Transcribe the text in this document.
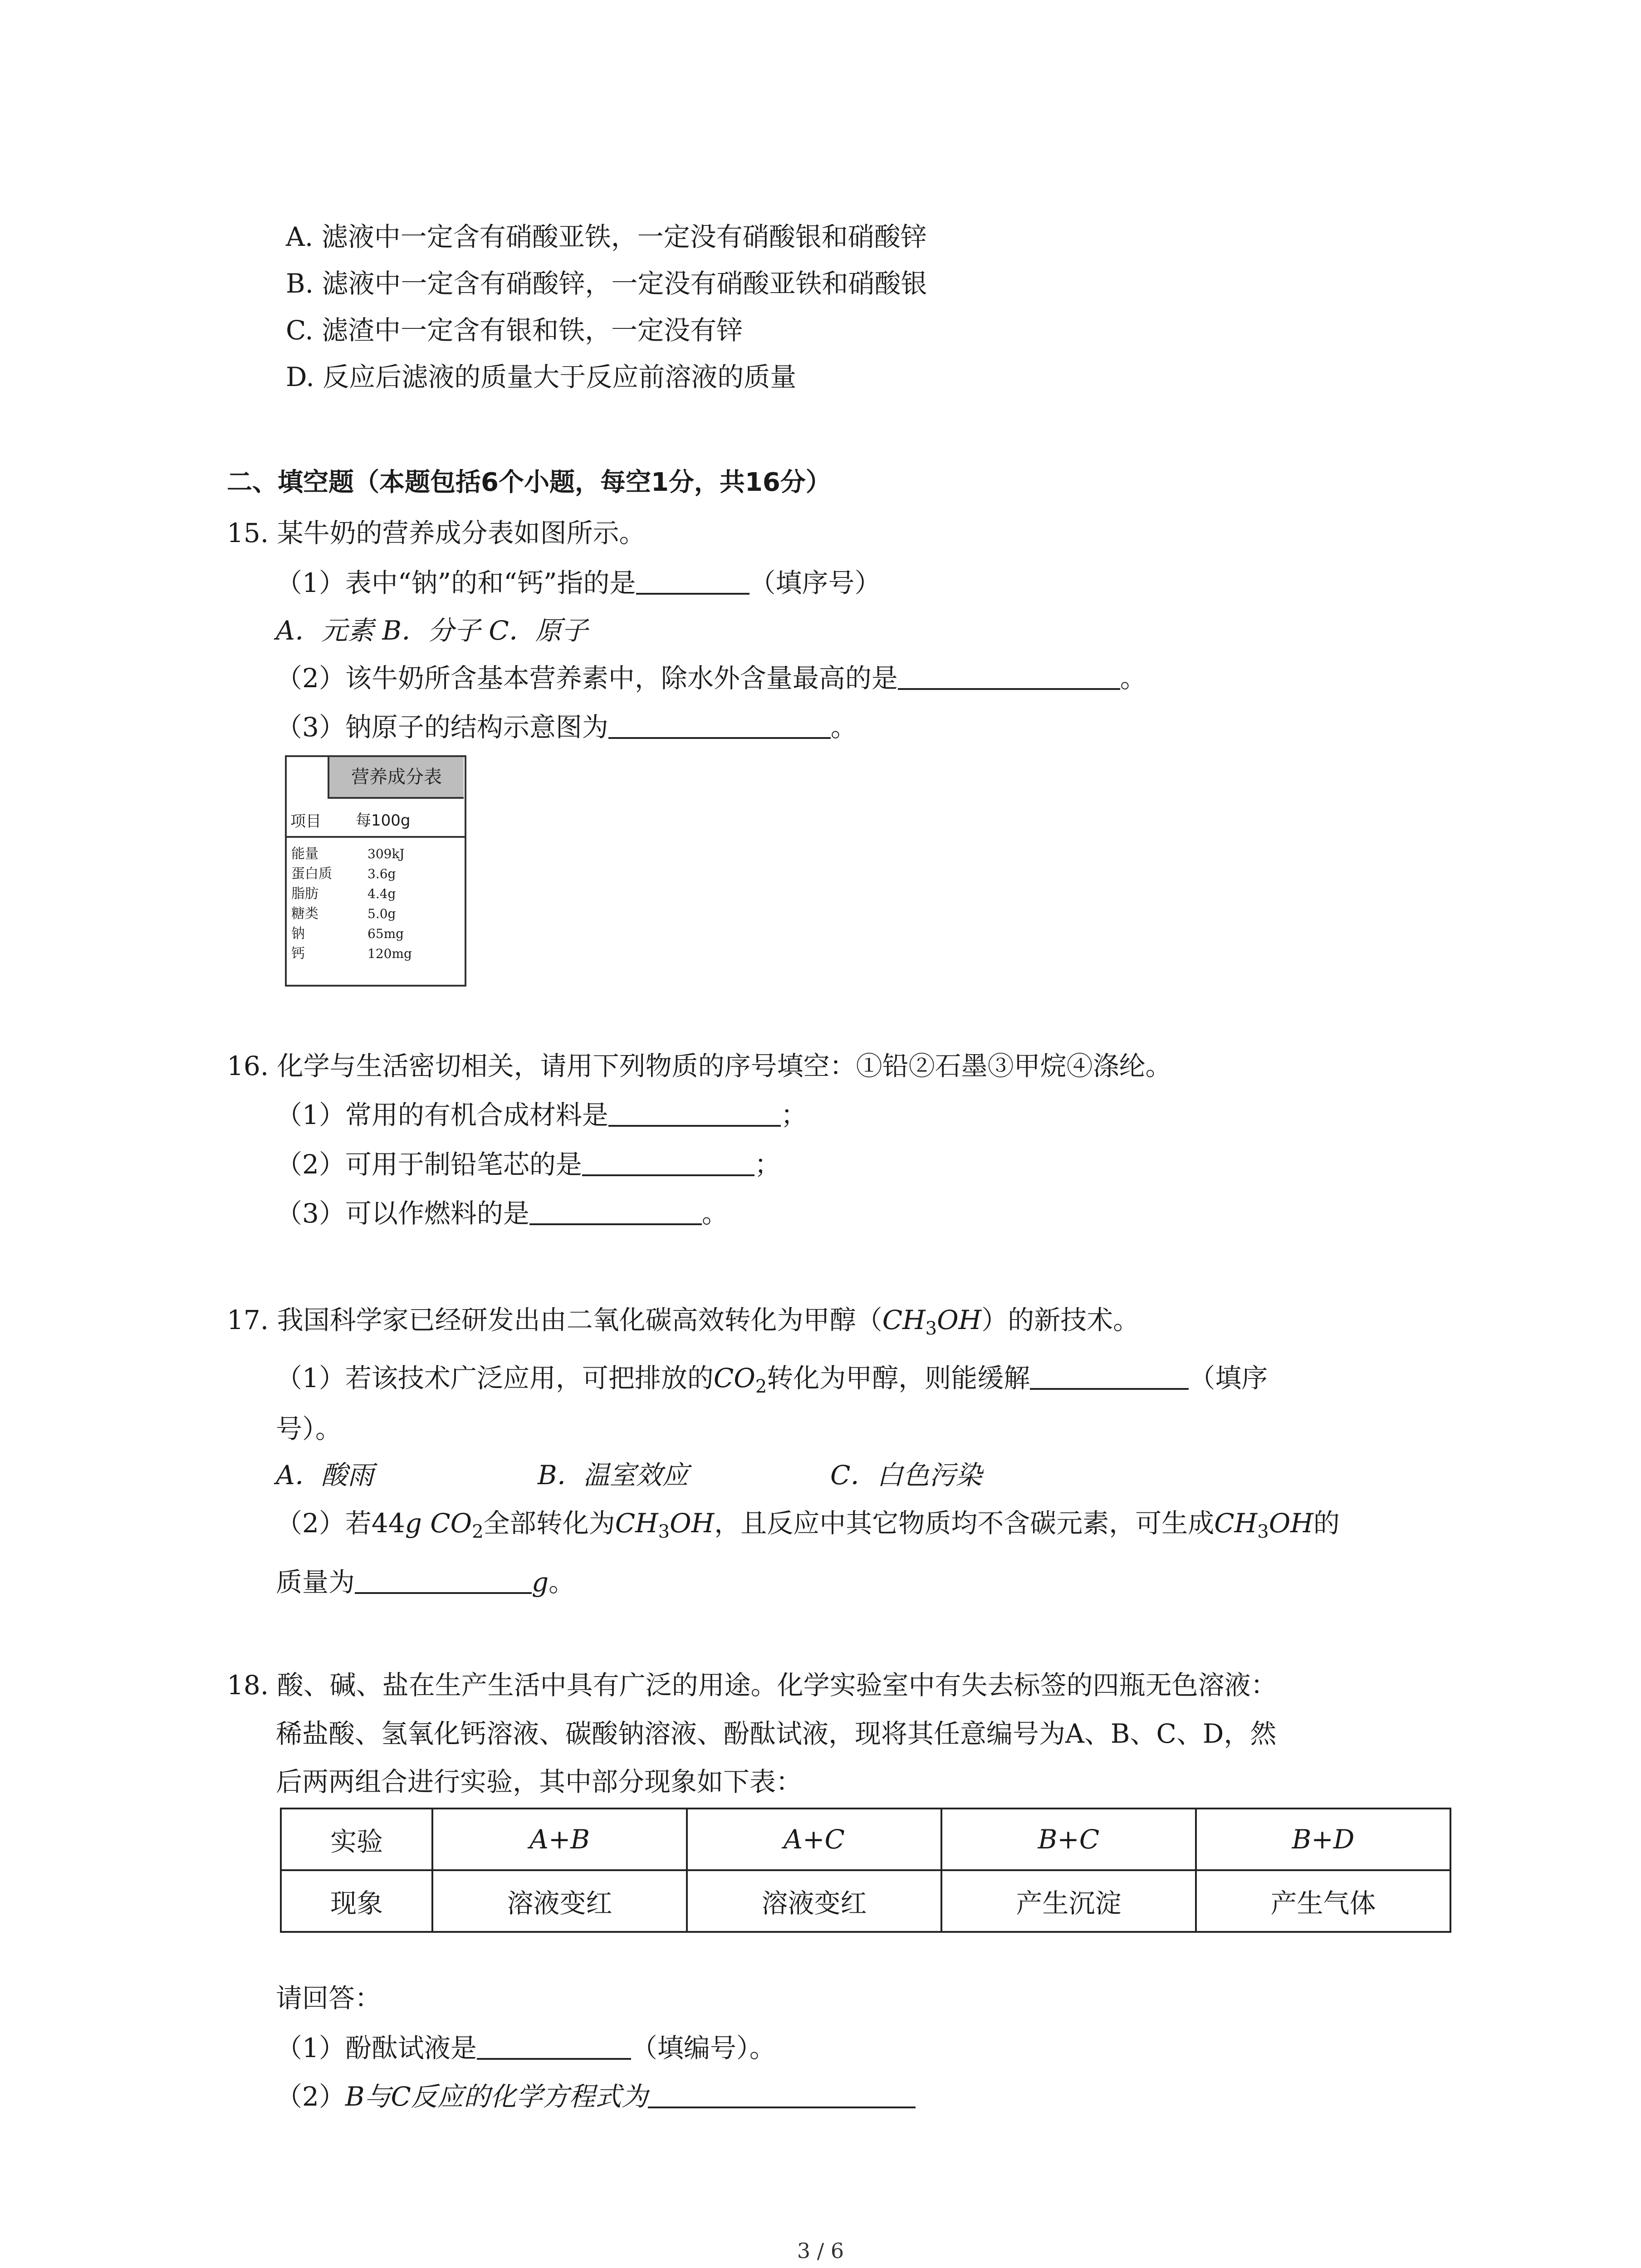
A. 滤液中一定含有硝酸亚铁，一定没有硝酸银和硝酸锌
B. 滤液中一定含有硝酸锌，一定没有硝酸亚铁和硝酸银
C. 滤渣中一定含有银和铁，一定没有锌
D. 反应后滤液的质量大于反应前溶液的质量
二、填空题（本题包括6个小题，每空1分，共16分）
15. 某牛奶的营养成分表如图所示。
（1）表中“钠”的和“钙”指的是	（填序号）
A．元素 B．分子 C．原子
（2）该牛奶所含基本营养素中，除水外含量最高的是	。
（3）钠原子的结构示意图为	。
营养成分表
项目 每100g
能量	309kJ
蛋白质	3.6g
脂肪	4.4g
糖类	5.0g
钠	65mg
钙	120mg
16. 化学与生活密切相关，请用下列物质的序号填空：①铅②石墨③甲烷④涤纶。
（1）常用的有机合成材料是	；
（2）可用于制铅笔芯的是	；
（3）可以作燃料的是	。
17. 我国科学家已经研发出由二氧化碳高效转化为甲醇$(CH_3OH)$的新技术。
（1）若该技术广泛应用，可把排放的$CO_2$转化为甲醇，则能缓解	（填序
号）。
A．酸雨	B．温室效应	C．白色污染
（2）若44g $CO_2$全部转化为$CH_3OH$，且反应中其它物质均不含碳元素，可生成$CH_3OH$的
质量为	g。
18. 酸、碱、盐在生产生活中具有广泛的用途。化学实验室中有失去标签的四瓶无色溶液：
稀盐酸、氢氧化钙溶液、碳酸钠溶液、酚酞试液，现将其任意编号为A、B、C、D，然
后两两组合进行实验，其中部分现象如下表：
实验	A+B	A+C	B+C	B+D
现象	溶液变红	溶液变红	产生沉淀	产生气体
请回答：
（1）酚酞试液是	（填编号）。
（2）B与C反应的化学方程式为
3 / 6
